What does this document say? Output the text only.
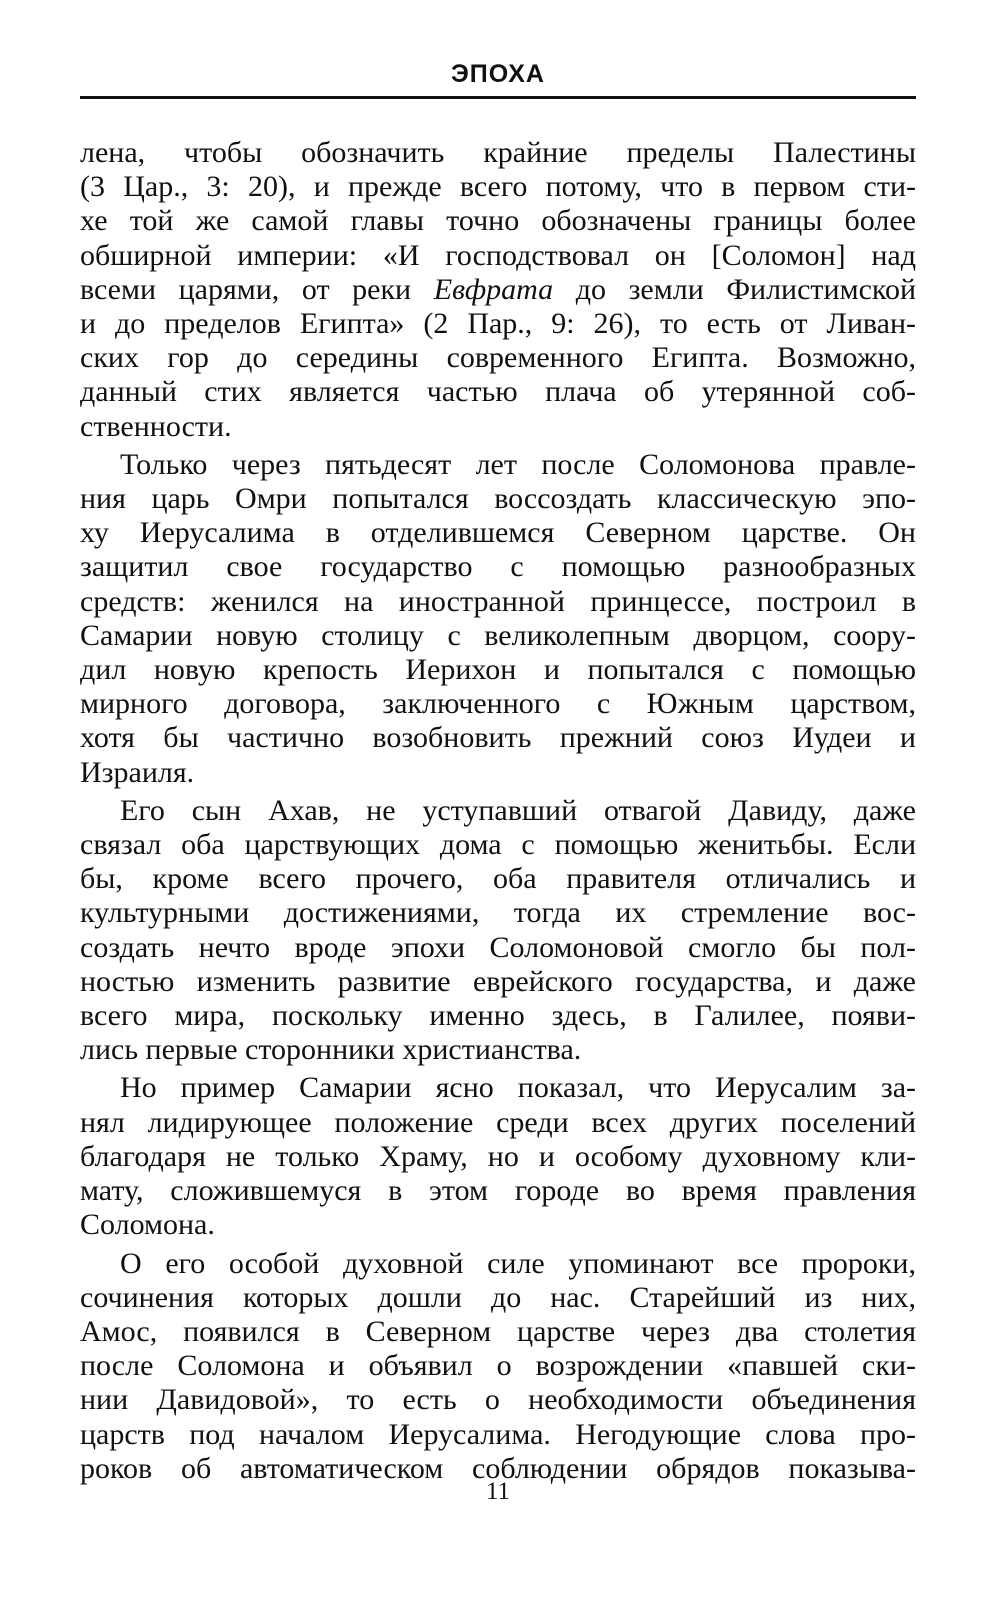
ЭПОХА
лена, чтобы обозначить крайние пределы Палестины
(3 Цар., 3: 20), и прежде всего потому, что в первом сти-
хе той же самой главы точно обозначены границы более
обширной империи: «И господствовал он [Соломон] над
всеми царями, от реки Евфрата до земли Филистимской
и до пределов Египта» (2 Пар., 9: 26), то есть от Ливан-
ских гор до середины современного Египта. Возможно,
данный стих является частью плача об утерянной соб-
ственности.
Только через пятьдесят лет после Соломонова правле-
ния царь Омри попытался воссоздать классическую эпо-
ху Иерусалима в отделившемся Северном царстве. Он
защитил свое государство с помощью разнообразных
средств: женился на иностранной принцессе, построил в
Самарии новую столицу с великолепным дворцом, соору-
дил новую крепость Иерихон и попытался с помощью
мирного договора, заключенного с Южным царством,
хотя бы частично возобновить прежний союз Иудеи и
Израиля.
Его сын Ахав, не уступавший отвагой Давиду, даже
связал оба царствующих дома с помощью женитьбы. Если
бы, кроме всего прочего, оба правителя отличались и
культурными достижениями, тогда их стремление вос-
создать нечто вроде эпохи Соломоновой смогло бы пол-
ностью изменить развитие еврейского государства, и даже
всего мира, поскольку именно здесь, в Галилее, появи-
лись первые сторонники христианства.
Но пример Самарии ясно показал, что Иерусалим за-
нял лидирующее положение среди всех других поселений
благодаря не только Храму, но и особому духовному кли-
мату, сложившемуся в этом городе во время правления
Соломона.
О его особой духовной силе упоминают все пророки,
сочинения которых дошли до нас. Старейший из них,
Амос, появился в Северном царстве через два столетия
после Соломона и объявил о возрождении «павшей ски-
нии Давидовой», то есть о необходимости объединения
царств под началом Иерусалима. Негодующие слова про-
роков об автоматическом соблюдении обрядов показыва-
11
